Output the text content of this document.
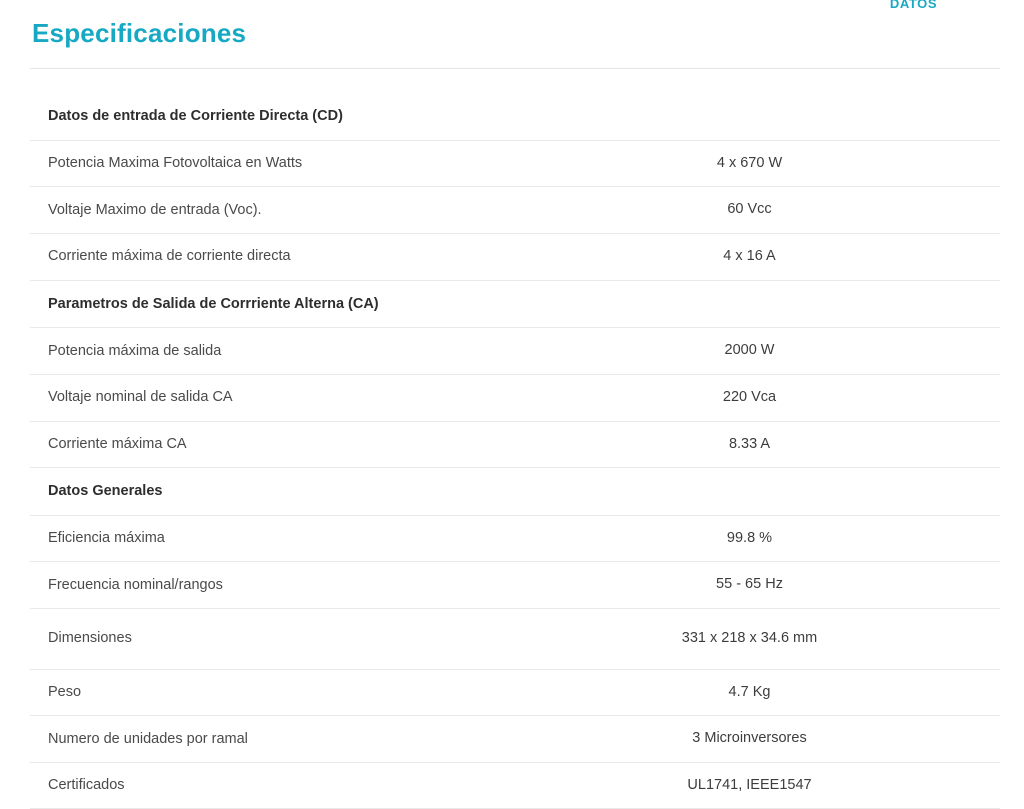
Especificaciones
DATOS

Datos de entrada de Corriente Directa (CD)	
Potencia Maxima Fotovoltaica en Watts	4 x 670 W
Voltaje Maximo de entrada (Voc).	60 Vcc
Corriente máxima de corriente directa	4 x 16 A
Parametros de Salida de Corrriente Alterna (CA)	
Potencia máxima de salida	2000 W
Voltaje nominal de salida CA	220 Vca
Corriente máxima CA	8.33 A
Datos Generales	
Eficiencia máxima	99.8 %
Frecuencia nominal/rangos	55 - 65 Hz
Dimensiones	331 x 218 x 34.6 mm
Peso	4.7 Kg
Numero de unidades por ramal	3 Microinversores
Certificados	UL1741, IEEE1547
